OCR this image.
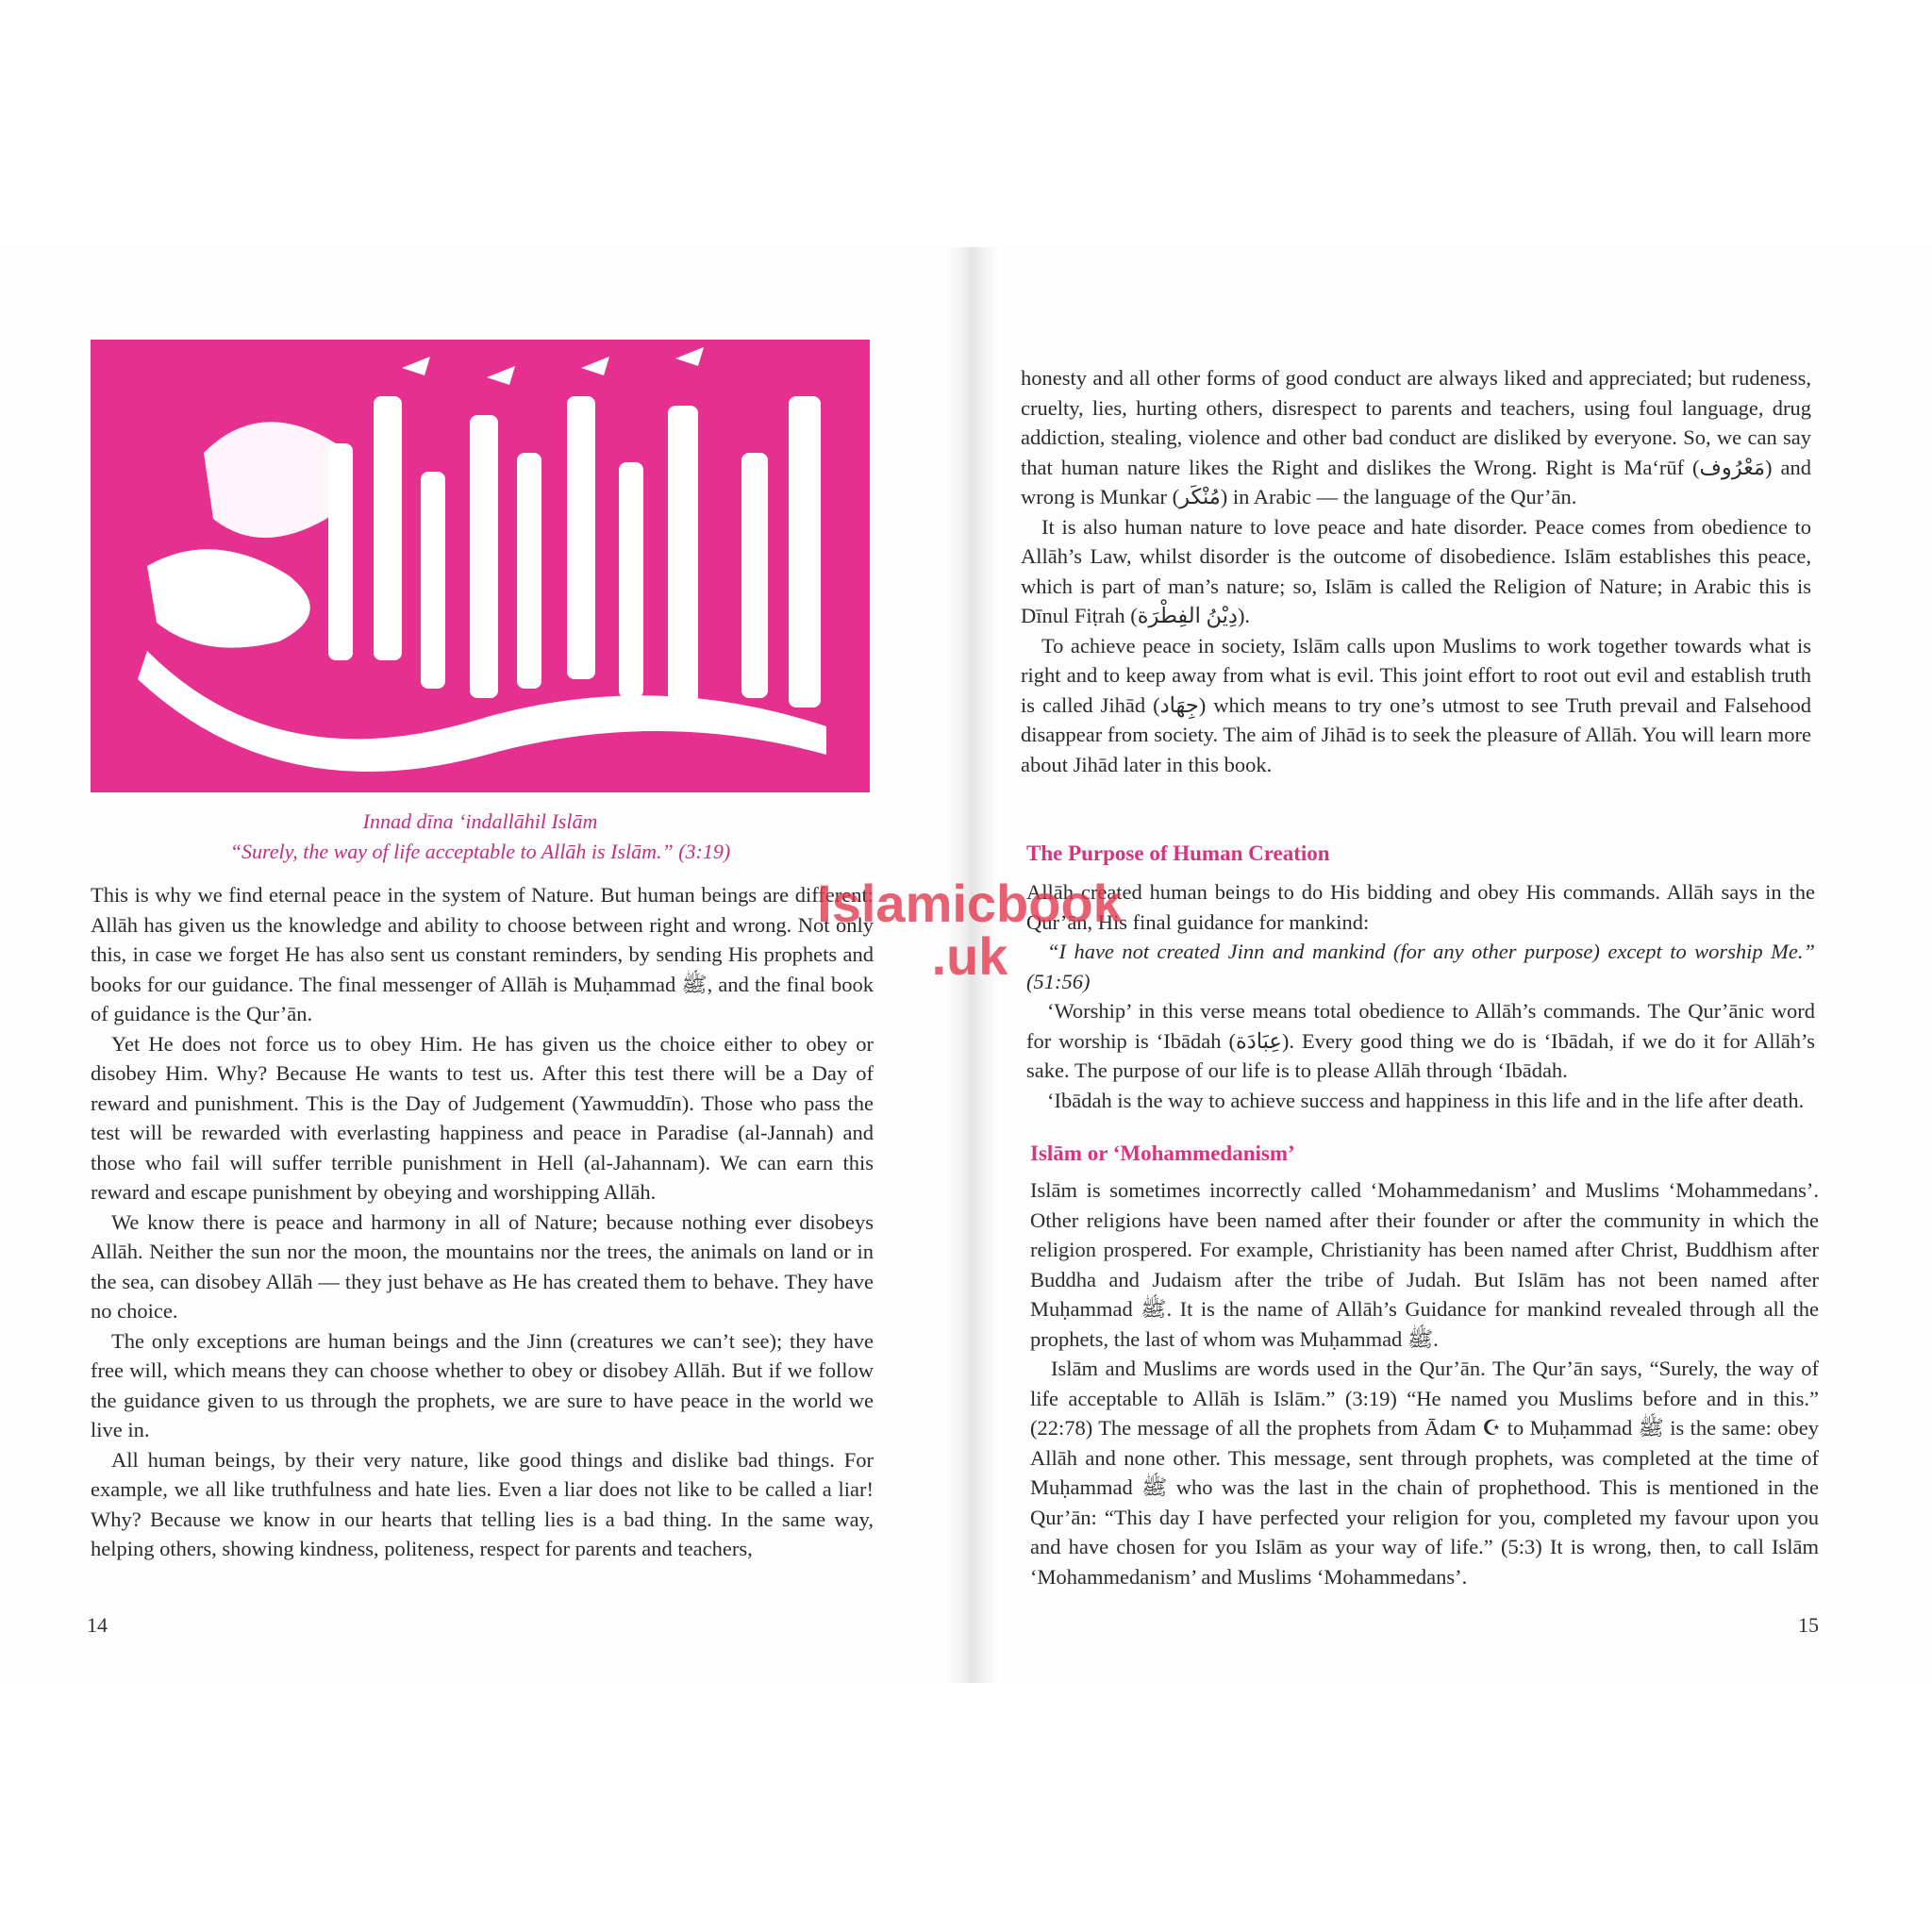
Innad dīna ‘indallāhil Islām
“Surely, the way of life acceptable to Allāh is Islām.” (3:19)

This is why we find eternal peace in the system of Nature. But human beings are different: Allāh has given us the knowledge and ability to choose between right and wrong. Not only this, in case we forget He has also sent us constant reminders, by sending His prophets and books for our guidance. The final messenger of Allāh is Muḥammad ﷺ, and the final book of guidance is the Qur’ān.

Yet He does not force us to obey Him. He has given us the choice either to obey or disobey Him. Why? Because He wants to test us. After this test there will be a Day of reward and punishment. This is the Day of Judgement (Yawmuddīn). Those who pass the test will be rewarded with everlasting happiness and peace in Paradise (al-Jannah) and those who fail will suffer terrible punishment in Hell (al-Jahannam). We can earn this reward and escape punishment by obeying and worshipping Allāh.

We know there is peace and harmony in all of Nature; because nothing ever disobeys Allāh. Neither the sun nor the moon, the mountains nor the trees, the animals on land or in the sea, can disobey Allāh — they just behave as He has created them to behave. They have no choice.

The only exceptions are human beings and the Jinn (creatures we can’t see); they have free will, which means they can choose whether to obey or disobey Allāh. But if we follow the guidance given to us through the prophets, we are sure to have peace in the world we live in.

All human beings, by their very nature, like good things and dislike bad things. For example, we all like truthfulness and hate lies. Even a liar does not like to be called a liar! Why? Because we know in our hearts that telling lies is a bad thing. In the same way, helping others, showing kindness, politeness, respect for parents and teachers,

14

honesty and all other forms of good conduct are always liked and appreciated; but rudeness, cruelty, lies, hurting others, disrespect to parents and teachers, using foul language, drug addiction, stealing, violence and other bad conduct are disliked by everyone. So, we can say that human nature likes the Right and dislikes the Wrong. Right is Ma‘rūf (مَعْرُوف) and wrong is Munkar (مُنْكَر) in Arabic — the language of the Qur’ān.

It is also human nature to love peace and hate disorder. Peace comes from obedience to Allāh’s Law, whilst disorder is the outcome of disobedience. Islām establishes this peace, which is part of man’s nature; so, Islām is called the Religion of Nature; in Arabic this is Dīnul Fiṭrah (دِيْنُ الفِطْرَة).

To achieve peace in society, Islām calls upon Muslims to work together towards what is right and to keep away from what is evil. This joint effort to root out evil and establish truth is called Jihād (جِهَاد) which means to try one’s utmost to see Truth prevail and Falsehood disappear from society. The aim of Jihād is to seek the pleasure of Allāh. You will learn more about Jihād later in this book.

The Purpose of Human Creation

Allāh created human beings to do His bidding and obey His commands. Allāh says in the Qur’ān, His final guidance for mankind:

“I have not created Jinn and mankind (for any other purpose) except to worship Me.” (51:56)

‘Worship’ in this verse means total obedience to Allāh’s commands. The Qur’ānic word for worship is ‘Ibādah (عِبَادَة). Every good thing we do is ‘Ibādah, if we do it for Allāh’s sake. The purpose of our life is to please Allāh through ‘Ibādah.

‘Ibādah is the way to achieve success and happiness in this life and in the life after death.

Islām or ‘Mohammedanism’

Islām is sometimes incorrectly called ‘Mohammedanism’ and Muslims ‘Mohammedans’. Other religions have been named after their founder or after the community in which the religion prospered. For example, Christianity has been named after Christ, Buddhism after Buddha and Judaism after the tribe of Judah. But Islām has not been named after Muḥammad ﷺ. It is the name of Allāh’s Guidance for mankind revealed through all the prophets, the last of whom was Muḥammad ﷺ.

Islām and Muslims are words used in the Qur’ān. The Qur’ān says, “Surely, the way of life acceptable to Allāh is Islām.” (3:19) “He named you Muslims before and in this.” (22:78) The message of all the prophets from Ādam ☪ to Muḥammad ﷺ is the same: obey Allāh and none other. This message, sent through prophets, was completed at the time of Muḥammad ﷺ who was the last in the chain of prophethood. This is mentioned in the Qur’ān: “This day I have perfected your religion for you, completed my favour upon you and have chosen for you Islām as your way of life.” (5:3) It is wrong, then, to call Islām ‘Mohammedanism’ and Muslims ‘Mohammedans’.

15
Islamicbook
.uk
